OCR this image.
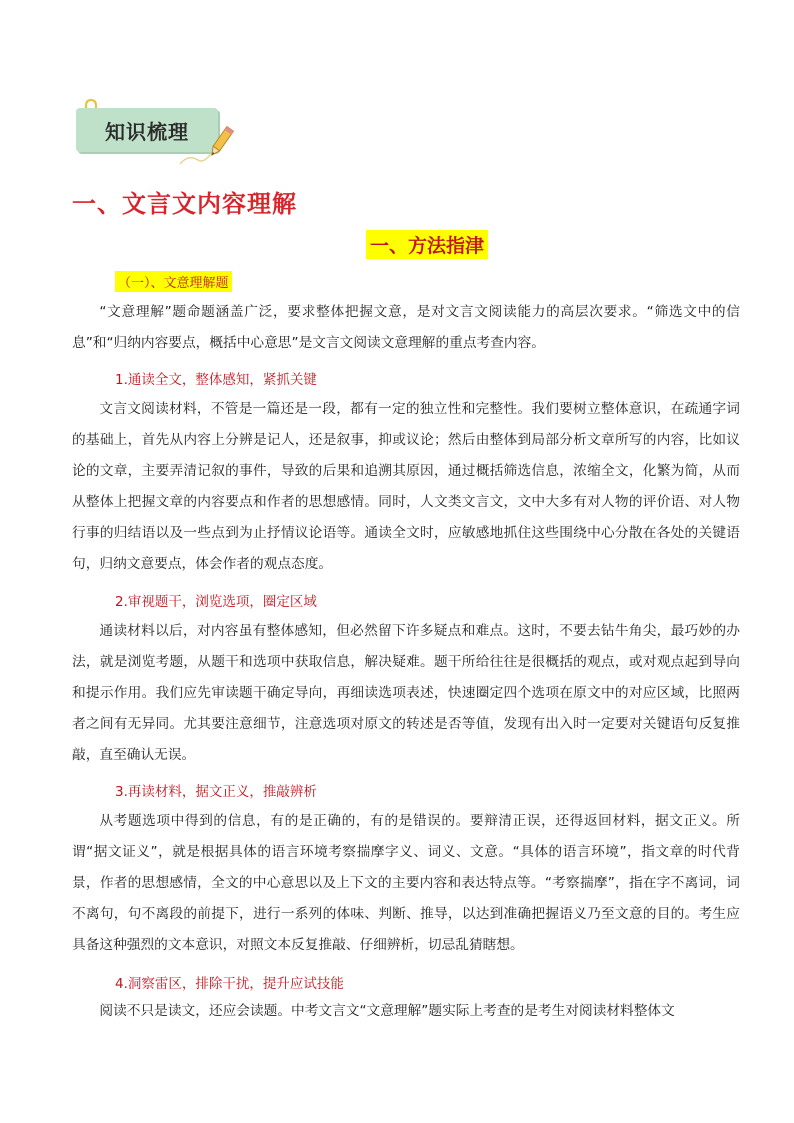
知识梳理
一、文言文内容理解
一、方法指津
（一）、文意理解题

“文意理解”题命题涵盖广泛，要求整体把握文意，是对文言文阅读能力的高层次要求。“筛选文中的信息”和“归纳内容要点，概括中心意思”是文言文阅读文意理解的重点考查内容。

1.通读全文，整体感知，紧抓关键

文言文阅读材料，不管是一篇还是一段，都有一定的独立性和完整性。我们要树立整体意识，在疏通字词的基础上，首先从内容上分辨是记人，还是叙事，抑或议论；然后由整体到局部分析文章所写的内容，比如议论的文章，主要弄清记叙的事件，导致的后果和追溯其原因，通过概括筛选信息，浓缩全文，化繁为简，从而从整体上把握文章的内容要点和作者的思想感情。同时，人文类文言文，文中大多有对人物的评价语、对人物行事的归结语以及一些点到为止抒情议论语等。通读全文时，应敏感地抓住这些围绕中心分散在各处的关键语句，归纳文意要点，体会作者的观点态度。

2.审视题干，浏览选项，圈定区域

通读材料以后，对内容虽有整体感知，但必然留下许多疑点和难点。这时，不要去钻牛角尖，最巧妙的办法，就是浏览考题，从题干和选项中获取信息，解决疑难。题干所给往往是很概括的观点，或对观点起到导向和提示作用。我们应先审读题干确定导向，再细读选项表述，快速圈定四个选项在原文中的对应区域，比照两者之间有无异同。尤其要注意细节，注意选项对原文的转述是否等值，发现有出入时一定要对关键语句反复推敲，直至确认无误。

3.再读材料，据文正义，推敲辨析

从考题选项中得到的信息，有的是正确的，有的是错误的。要辩清正误，还得返回材料，据文正义。所谓“据文证义”，就是根据具体的语言环境考察揣摩字义、词义、文意。“具体的语言环境”，指文章的时代背景，作者的思想感情，全文的中心意思以及上下文的主要内容和表达特点等。“考察揣摩”，指在字不离词，词不离句，句不离段的前提下，进行一系列的体味、判断、推导，以达到准确把握语义乃至文意的目的。考生应具备这种强烈的文本意识，对照文本反复推敲、仔细辨析，切忌乱猜瞎想。

4.洞察雷区，排除干扰，提升应试技能

阅读不只是读文，还应会读题。中考文言文“文意理解”题实际上考查的是考生对阅读材料整体文
